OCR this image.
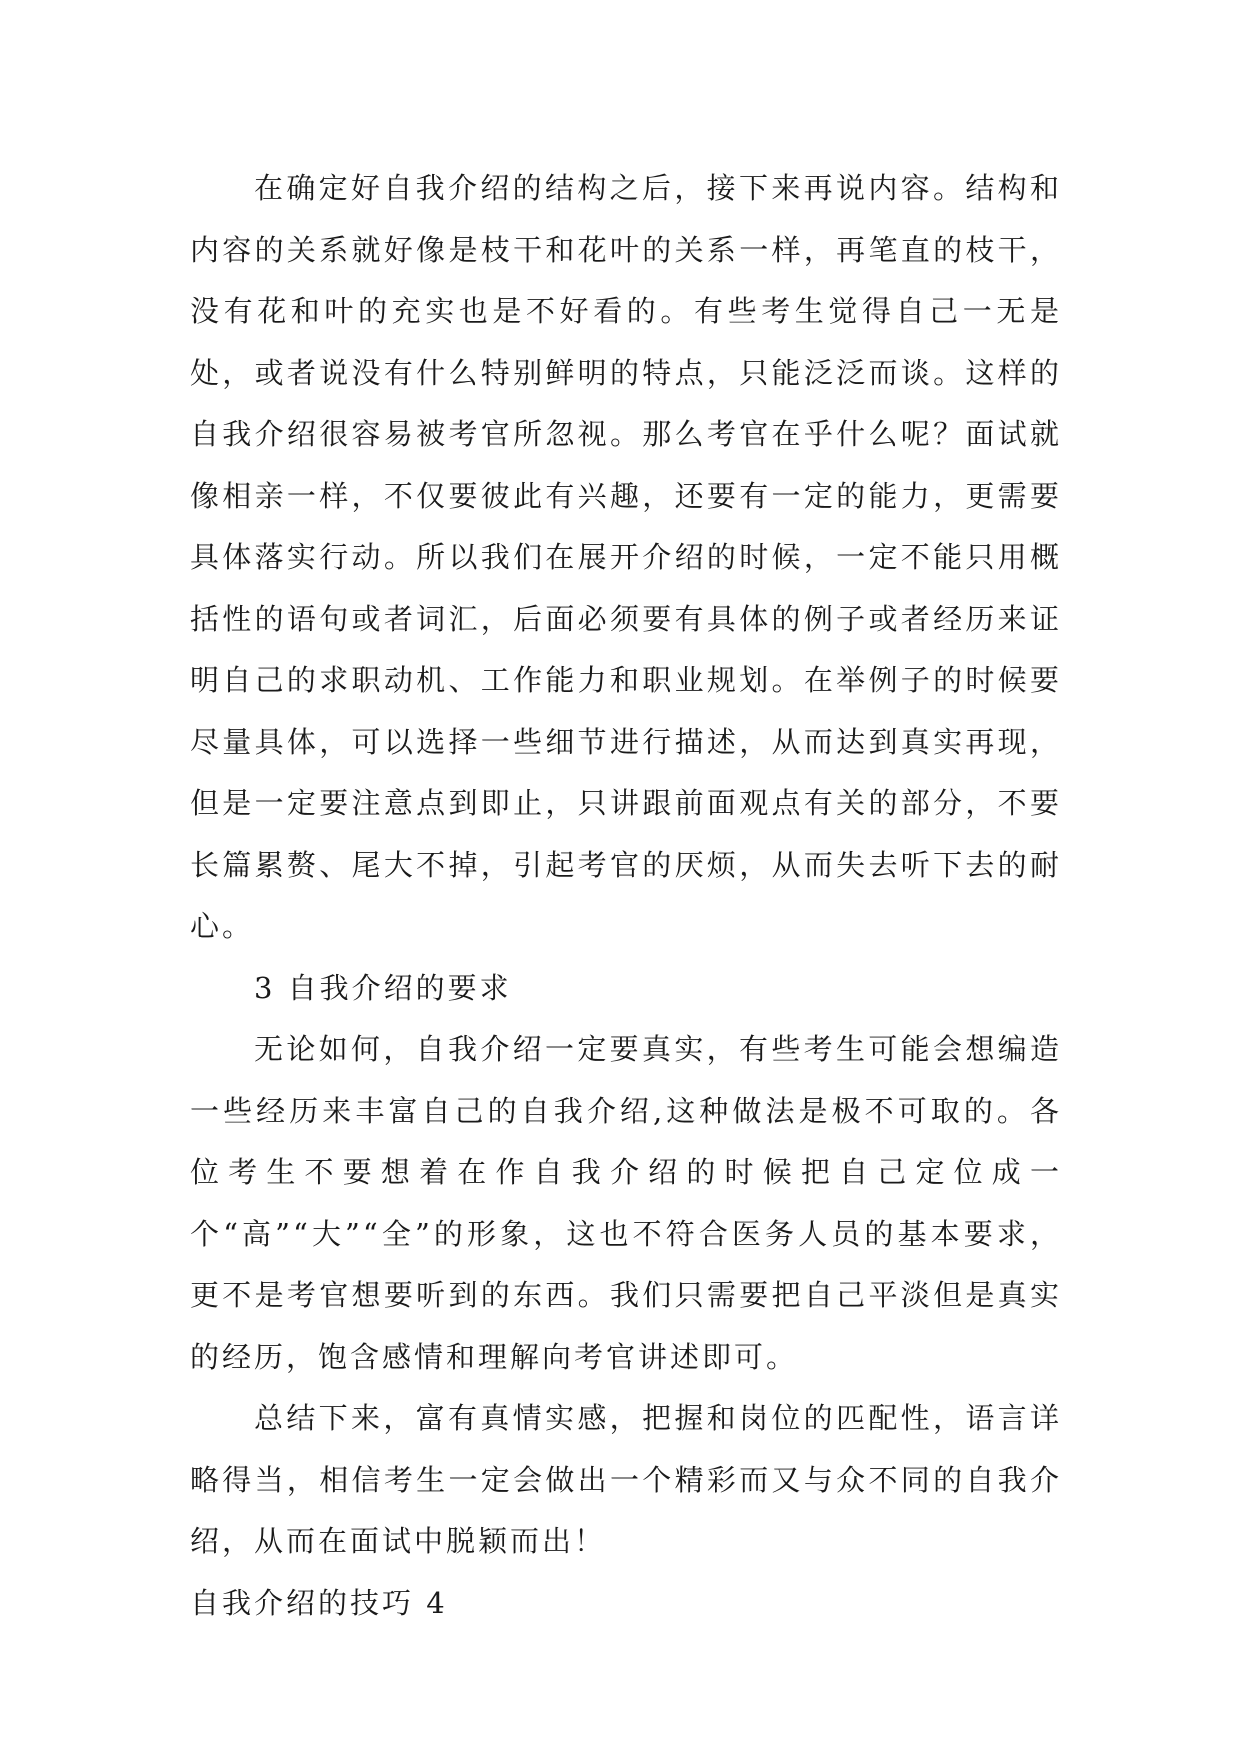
在确定好自我介绍的结构之后，接下来再说内容。结构和内容的关系就好像是枝干和花叶的关系一样，再笔直的枝干，没有花和叶的充实也是不好看的。有些考生觉得自己一无是处，或者说没有什么特别鲜明的特点，只能泛泛而谈。这样的自我介绍很容易被考官所忽视。那么考官在乎什么呢？面试就像相亲一样，不仅要彼此有兴趣，还要有一定的能力，更需要具体落实行动。所以我们在展开介绍的时候，一定不能只用概括性的语句或者词汇，后面必须要有具体的例子或者经历来证明自己的求职动机、工作能力和职业规划。在举例子的时候要尽量具体，可以选择一些细节进行描述，从而达到真实再现，但是一定要注意点到即止，只讲跟前面观点有关的部分，不要长篇累赘、尾大不掉，引起考官的厌烦，从而失去听下去的耐心。

3 自我介绍的要求

无论如何，自我介绍一定要真实，有些考生可能会想编造一些经历来丰富自己的自我介绍,这种做法是极不可取的。各位考生不要想着在作自我介绍的时候把自己定位成一个“高”“大”“全”的形象，这也不符合医务人员的基本要求，更不是考官想要听到的东西。我们只需要把自己平淡但是真实的经历，饱含感情和理解向考官讲述即可。

总结下来，富有真情实感，把握和岗位的匹配性，语言详略得当，相信考生一定会做出一个精彩而又与众不同的自我介绍，从而在面试中脱颖而出！

自我介绍的技巧 4
